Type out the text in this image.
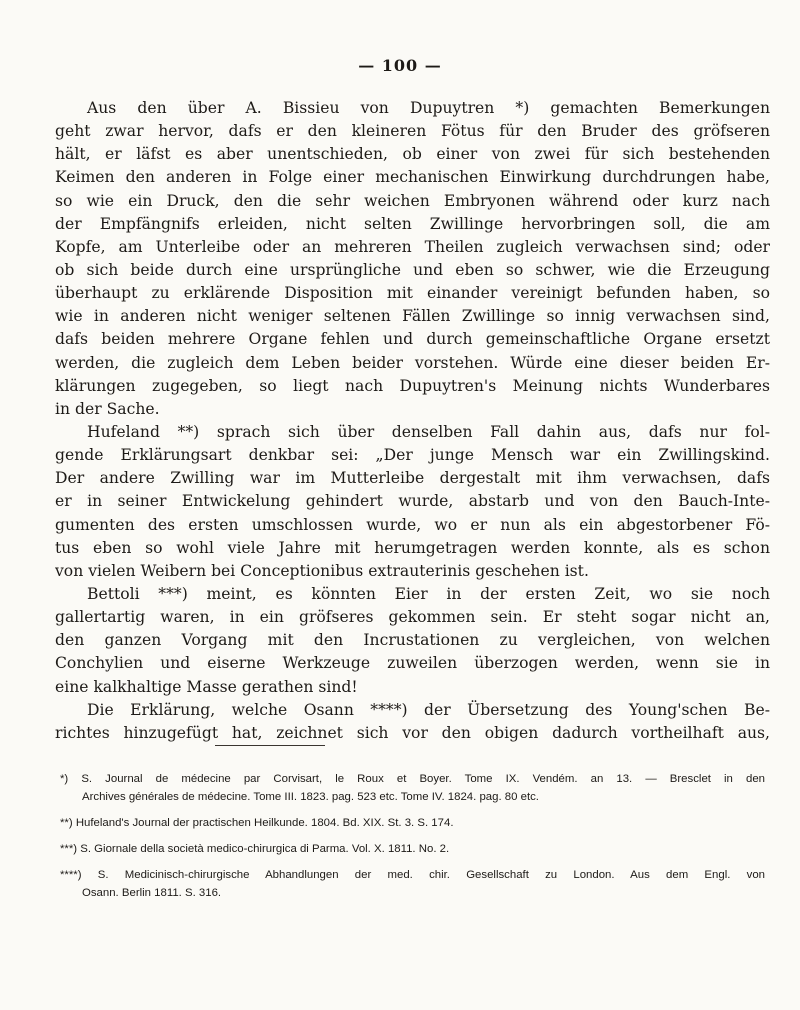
— 100 —
Aus den über A. Bissieu von Dupuytren *) gemachten Bemerkungen
geht zwar hervor, dafs er den kleineren Fötus für den Bruder des gröfseren
hält, er läfst es aber unentschieden, ob einer von zwei für sich bestehenden
Keimen den anderen in Folge einer mechanischen Einwirkung durchdrungen habe,
so wie ein Druck, den die sehr weichen Embryonen während oder kurz nach
der Empfängnifs erleiden, nicht selten Zwillinge hervorbringen soll, die am
Kopfe, am Unterleibe oder an mehreren Theilen zugleich verwachsen sind; oder
ob sich beide durch eine ursprüngliche und eben so schwer, wie die Erzeugung
überhaupt zu erklärende Disposition mit einander vereinigt befunden haben, so
wie in anderen nicht weniger seltenen Fällen Zwillinge so innig verwachsen sind,
dafs beiden mehrere Organe fehlen und durch gemeinschaftliche Organe ersetzt
werden, die zugleich dem Leben beider vorstehen. Würde eine dieser beiden Er-
klärungen zugegeben, so liegt nach Dupuytren's Meinung nichts Wunderbares
in der Sache.
Hufeland **) sprach sich über denselben Fall dahin aus, dafs nur fol-
gende Erklärungsart denkbar sei: „Der junge Mensch war ein Zwillingskind.
Der andere Zwilling war im Mutterleibe dergestalt mit ihm verwachsen, dafs
er in seiner Entwickelung gehindert wurde, abstarb und von den Bauch-Inte-
gumenten des ersten umschlossen wurde, wo er nun als ein abgestorbener Fö-
tus eben so wohl viele Jahre mit herumgetragen werden konnte, als es schon
von vielen Weibern bei Conceptionibus extrauterinis geschehen ist.
Bettoli ***) meint, es könnten Eier in der ersten Zeit, wo sie noch
gallertartig waren, in ein gröfseres gekommen sein. Er steht sogar nicht an,
den ganzen Vorgang mit den Incrustationen zu vergleichen, von welchen
Conchylien und eiserne Werkzeuge zuweilen überzogen werden, wenn sie in
eine kalkhaltige Masse gerathen sind!
Die Erklärung, welche Osann ****) der Übersetzung des Young'schen Be-
richtes hinzugefügt hat, zeichnet sich vor den obigen dadurch vortheilhaft aus,
*) S. Journal de médecine par Corvisart, le Roux et Boyer. Tome IX. Vendém. an 13. — Bresclet in den
Archives générales de médecine. Tome III. 1823. pag. 523 etc. Tome IV. 1824. pag. 80 etc.
**) Hufeland's Journal der practischen Heilkunde. 1804. Bd. XIX. St. 3. S. 174.
***) S. Giornale della società medico-chirurgica di Parma. Vol. X. 1811. No. 2.
****) S. Medicinisch-chirurgische Abhandlungen der med. chir. Gesellschaft zu London. Aus dem Engl. von
Osann. Berlin 1811. S. 316.
